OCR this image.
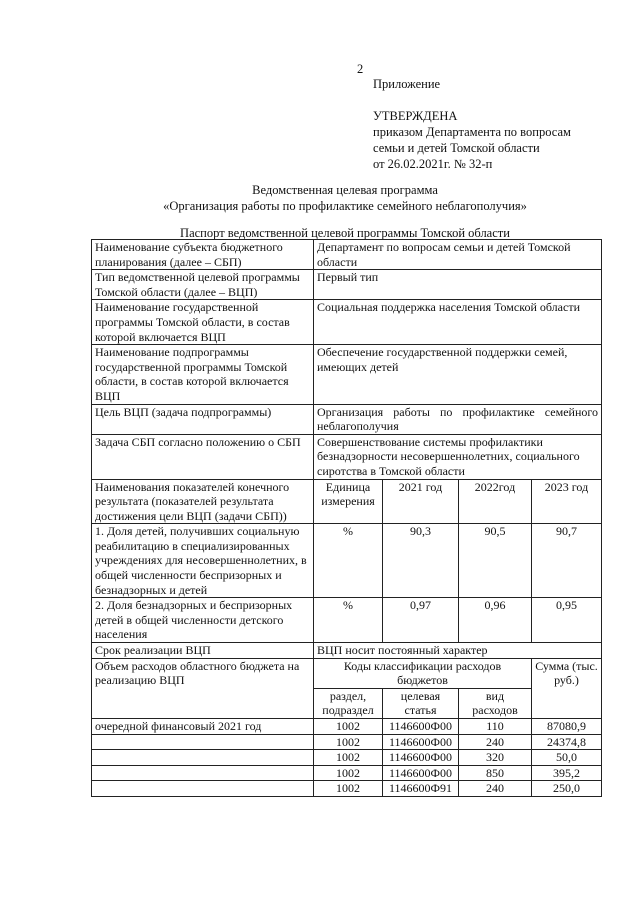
2
Приложение
УТВЕРЖДЕНА
приказом Департамента по вопросам
семьи и детей Томской области
от 26.02.2021г. № 32-п
Ведомственная целевая программа
«Организация работы по профилактике семейного неблагополучия»
Паспорт ведомственной целевой программы Томской области
Наименование субъекта бюджетного планирования (далее – СБП)	Департамент по вопросам семьи и детей Томской области			
Тип ведомственной целевой программы Томской области (далее – ВЦП)	Первый тип			
Наименование государственной программы Томской области, в состав которой включается ВЦП	Социальная поддержка населения Томской области			
Наименование подпрограммы государственной программы Томской области, в состав которой включается ВЦП	Обеспечение государственной поддержки семей, имеющих детей			
Цель ВЦП (задача подпрограммы)	Организация работы по профилактике семейного неблагополучия			
Задача СБП согласно положению о СБП	Совершенствование системы профилактики безнадзорности несовершеннолетних, социального сиротства в Томской области			
Наименования показателей конечного результата (показателей результата достижения цели ВЦП (задачи СБП))	Единица измерения	2021 год	2022год	2023 год
1. Доля детей, получивших социальную реабилитацию в специализированных учреждениях для несовершеннолетних, в общей численности беспризорных и безнадзорных и детей	%	90,3	90,5	90,7
2. Доля безнадзорных и беспризорных детей в общей численности детского населения	%	0,97	0,96	0,95
Срок реализации ВЦП	ВЦП носит постоянный характер			
Объем расходов областного бюджета на реализацию ВЦП	Коды классификации расходов бюджетов			Сумма (тыс. руб.)
	раздел, подраздел	целевая статья	вид расходов	
очередной финансовый 2021 год	1002	1146600Ф00	110	87080,9
	1002	1146600Ф00	240	24374,8
	1002	1146600Ф00	320	50,0
	1002	1146600Ф00	850	395,2
	1002	1146600Ф91	240	250,0
